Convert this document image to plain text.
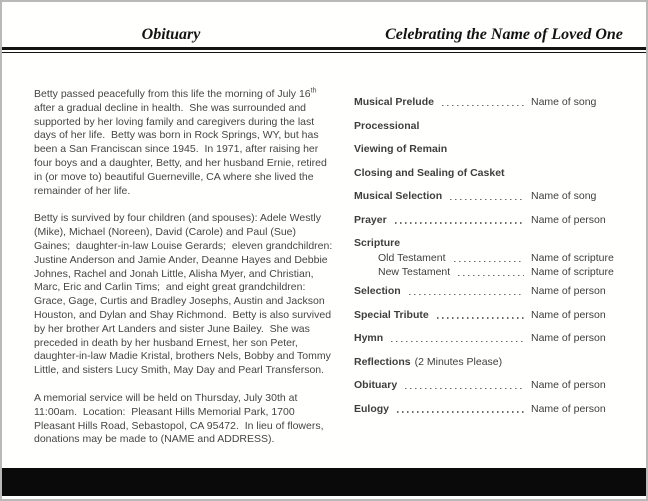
Obituary	Celebrating the Name of Loved One

Betty passed peacefully from this life the morning of July 16th after a gradual decline in health.  She was surrounded and supported by her loving family and caregivers during the last days of her life.  Betty was born in Rock Springs, WY, but has been a San Franciscan since 1945.  In 1971, after raising her four boys and a daughter, Betty, and her husband Ernie, retired in (or move to) beautiful Guerneville, CA where she lived the remainder of her life.

Betty is survived by four children (and spouses): Adele Westly (Mike), Michael (Noreen), David (Carole) and Paul (Sue) Gaines;  daughter-in-law Louise Gerards;  eleven grandchildren: Justine Anderson and Jamie Ander, Deanne Hayes and Debbie Johnes, Rachel and Jonah Little, Alisha Myer, and Christian, Marc, Eric and Carlin Tims;  and eight great grandchildren: Grace, Gage, Curtis and Bradley Josephs, Austin and Jackson Houston, and Dylan and Shay Richmond.  Betty is also survived by her brother Art Landers and sister June Bailey.  She was preceded in death by her husband Ernest, her son Peter, daughter-in-law Madie Kristal, brothers Nels, Bobby and Tommy Little, and sisters Lucy Smith, May Day and Pearl Transferson.

A memorial service will be held on Thursday, July 30th at 11:00am.  Location:  Pleasant Hills Memorial Park, 1700 Pleasant Hills Road, Sebastopol, CA 95472.  In lieu of flowers, donations may be made to (NAME and ADDRESS).

Musical Prelude	Name of song
Processional
Viewing of Remain
Closing and Sealing of Casket
Musical Selection	Name of song
Prayer	Name of person
Scripture
Old Testament	Name of scripture
New Testament	Name of scripture
Selection	Name of person
Special Tribute	Name of person
Hymn	Name of person
Reflections (2 Minutes Please)
Obituary	Name of person
Eulogy	Name of person
